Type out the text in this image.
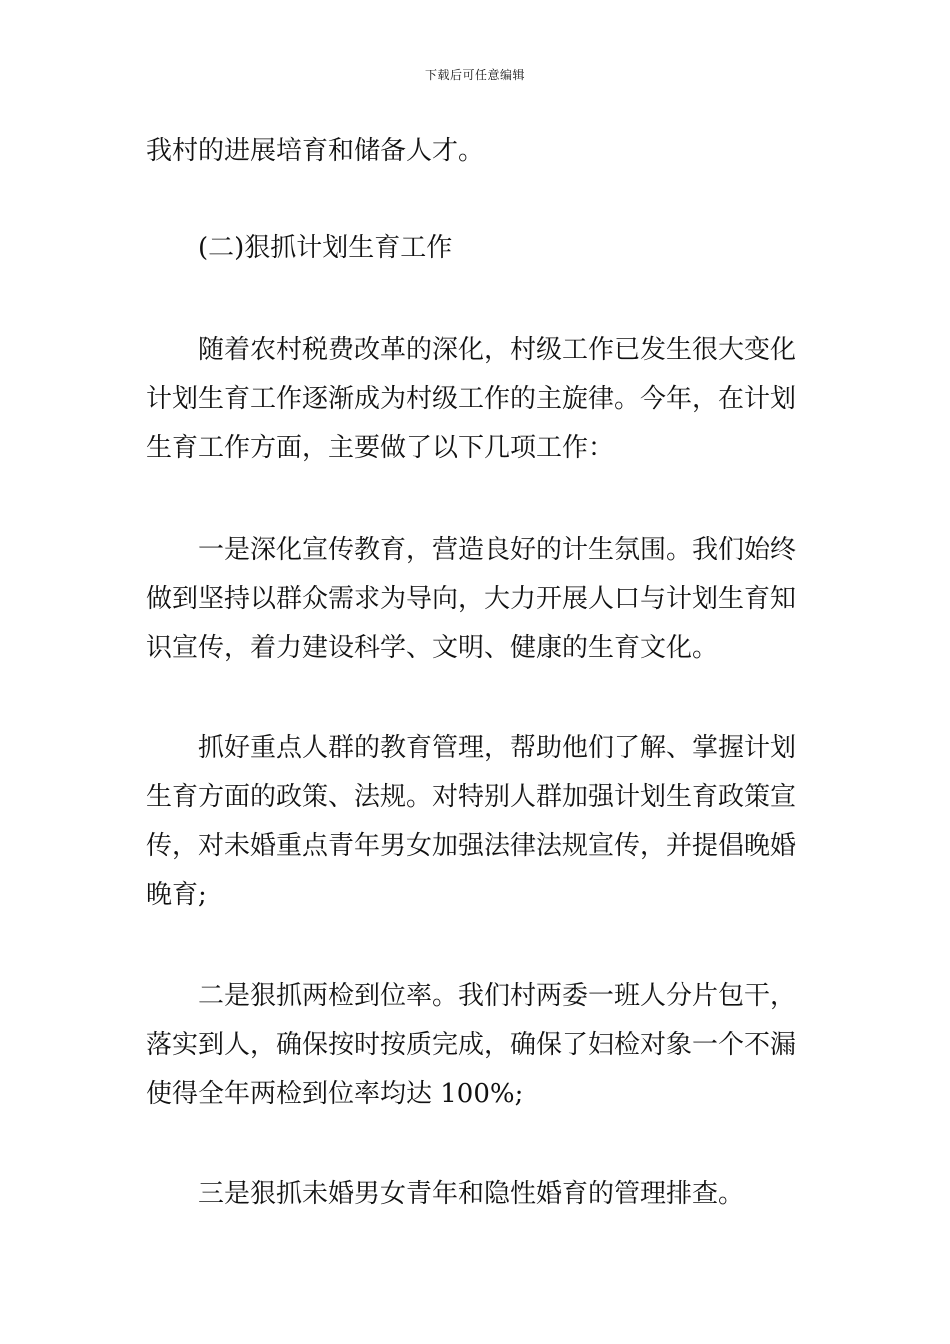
下载后可任意编辑
我村的进展培育和储备人才。
(二)狠抓计划生育工作
随着农村税费改革的深化，村级工作已发生很大变化
计划生育工作逐渐成为村级工作的主旋律。今年，在计划
生育工作方面，主要做了以下几项工作：
一是深化宣传教育，营造良好的计生氛围。我们始终
做到坚持以群众需求为导向，大力开展人口与计划生育知
识宣传，着力建设科学、文明、健康的生育文化。
抓好重点人群的教育管理，帮助他们了解、掌握计划
生育方面的政策、法规。对特别人群加强计划生育政策宣
传，对未婚重点青年男女加强法律法规宣传，并提倡晚婚
晚育;
二是狠抓两检到位率。我们村两委一班人分片包干，
落实到人，确保按时按质完成，确保了妇检对象一个不漏
使得全年两检到位率均达 100%;
三是狠抓未婚男女青年和隐性婚育的管理排查。
